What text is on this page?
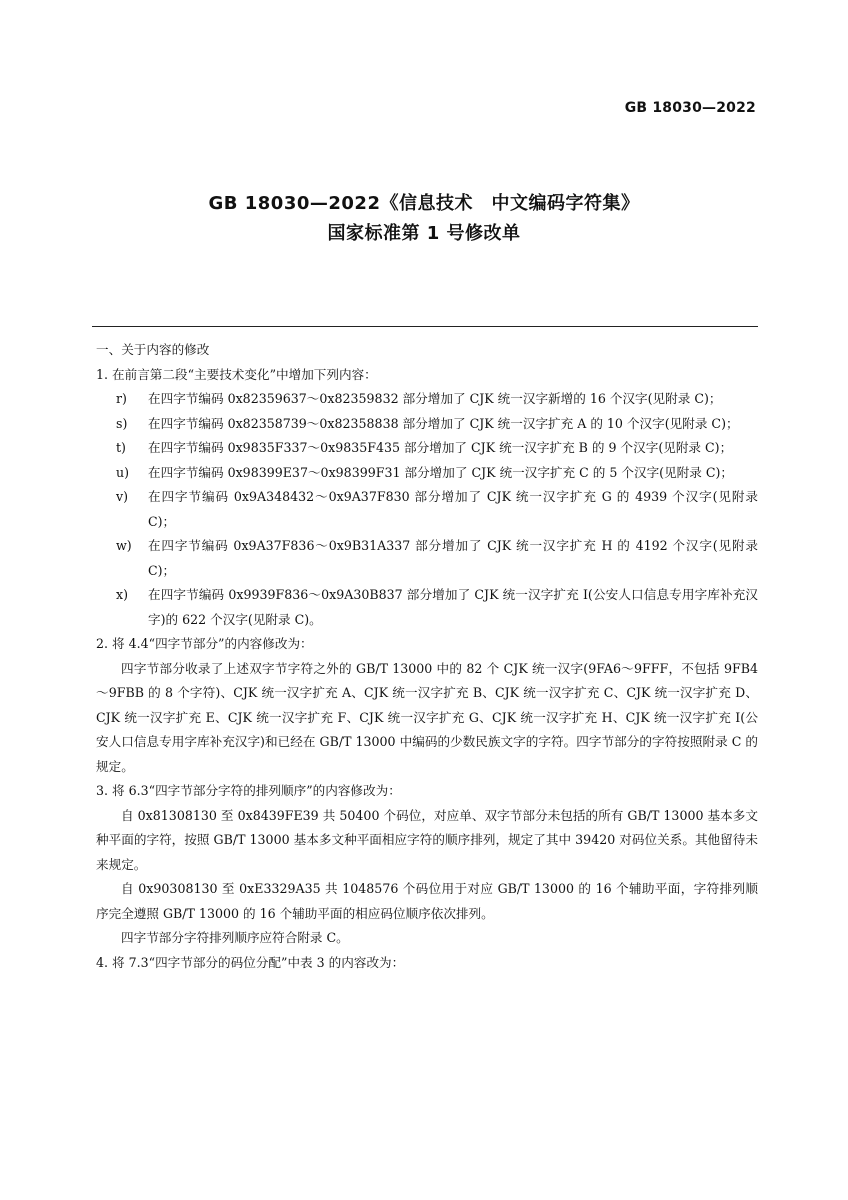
GB 18030—2022
GB 18030—2022《信息技术　中文编码字符集》
国家标准第 1 号修改单
一、关于内容的修改
1. 在前言第二段“主要技术变化”中增加下列内容：
r) 在四字节编码 0x82359637～0x82359832 部分增加了 CJK 统一汉字新增的 16 个汉字(见附录 C)；
s) 在四字节编码 0x82358739～0x82358838 部分增加了 CJK 统一汉字扩充 A 的 10 个汉字(见附录 C)；
t) 在四字节编码 0x9835F337～0x9835F435 部分增加了 CJK 统一汉字扩充 B 的 9 个汉字(见附录 C)；
u) 在四字节编码 0x98399E37～0x98399F31 部分增加了 CJK 统一汉字扩充 C 的 5 个汉字(见附录 C)；
v) 在四字节编码 0x9A348432～0x9A37F830 部分增加了 CJK 统一汉字扩充 G 的 4939 个汉字(见附录 C)；
w) 在四字节编码 0x9A37F836～0x9B31A337 部分增加了 CJK 统一汉字扩充 H 的 4192 个汉字(见附录 C)；
x) 在四字节编码 0x9939F836～0x9A30B837 部分增加了 CJK 统一汉字扩充 I(公安人口信息专用字库补充汉字)的 622 个汉字(见附录 C)。
2. 将 4.4“四字节部分”的内容修改为：
四字节部分收录了上述双字节字符之外的 GB/T 13000 中的 82 个 CJK 统一汉字(9FA6～9FFF，不包括 9FB4～9FBB 的 8 个字符)、CJK 统一汉字扩充 A、CJK 统一汉字扩充 B、CJK 统一汉字扩充 C、CJK 统一汉字扩充 D、CJK 统一汉字扩充 E、CJK 统一汉字扩充 F、CJK 统一汉字扩充 G、CJK 统一汉字扩充 H、CJK 统一汉字扩充 I(公安人口信息专用字库补充汉字)和已经在 GB/T 13000 中编码的少数民族文字的字符。四字节部分的字符按照附录 C 的规定。
3. 将 6.3“四字节部分字符的排列顺序”的内容修改为：
自 0x81308130 至 0x8439FE39 共 50400 个码位，对应单、双字节部分未包括的所有 GB/T 13000 基本多文种平面的字符，按照 GB/T 13000 基本多文种平面相应字符的顺序排列，规定了其中 39420 对码位关系。其他留待未来规定。
自 0x90308130 至 0xE3329A35 共 1048576 个码位用于对应 GB/T 13000 的 16 个辅助平面，字符排列顺序完全遵照 GB/T 13000 的 16 个辅助平面的相应码位顺序依次排列。
四字节部分字符排列顺序应符合附录 C。
4. 将 7.3“四字节部分的码位分配”中表 3 的内容改为：
